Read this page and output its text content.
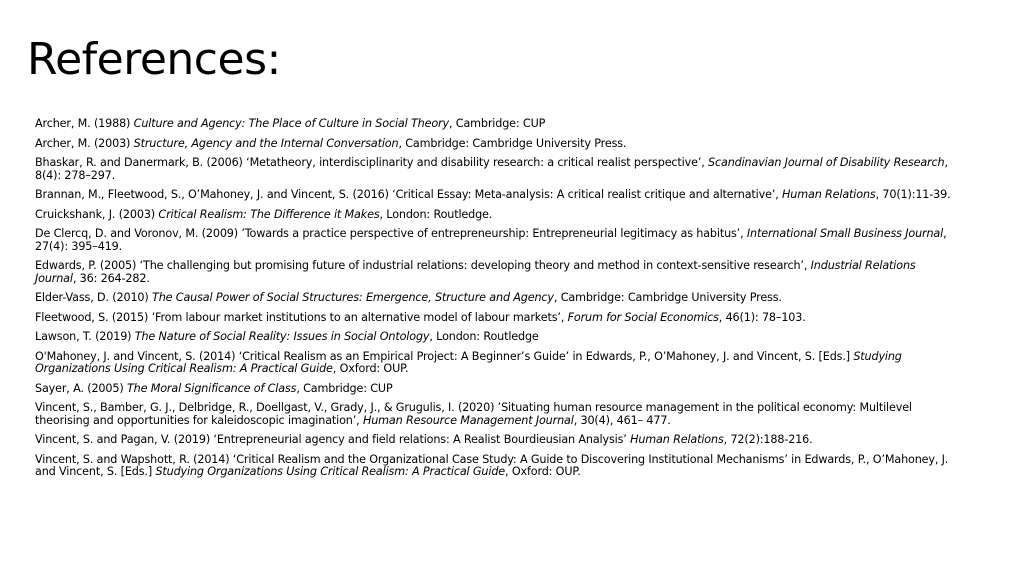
References:
Archer, M. (1988) Culture and Agency: The Place of Culture in Social Theory, Cambridge: CUP
Archer, M. (2003) Structure, Agency and the Internal Conversation, Cambridge: Cambridge University Press.
Bhaskar, R. and Danermark, B. (2006) ‘Metatheory, interdisciplinarity and disability research: a critical realist perspective’, Scandinavian Journal of Disability Research, 8(4): 278–297.
Brannan, M., Fleetwood, S., O’Mahoney, J. and Vincent, S. (2016) ‘Critical Essay: Meta-analysis: A critical realist critique and alternative’, Human Relations, 70(1):11-39.
Cruickshank, J. (2003) Critical Realism: The Difference it Makes, London: Routledge.
De Clercq, D. and Voronov, M. (2009) ’Towards a practice perspective of entrepreneurship: Entrepreneurial legitimacy as habitus’, International Small Business Journal, 27(4): 395–419.
Edwards, P. (2005) ‘The challenging but promising future of industrial relations: developing theory and method in context-sensitive research’, Industrial Relations Journal, 36: 264-282.
Elder-Vass, D. (2010) The Causal Power of Social Structures: Emergence, Structure and Agency, Cambridge: Cambridge University Press.
Fleetwood, S. (2015) ’From labour market institutions to an alternative model of labour markets’, Forum for Social Economics, 46(1): 78–103.
Lawson, T. (2019) The Nature of Social Reality: Issues in Social Ontology, London: Routledge
O'Mahoney, J. and Vincent, S. (2014) ‘Critical Realism as an Empirical Project: A Beginner’s Guide’ in Edwards, P., O’Mahoney, J. and Vincent, S. [Eds.] Studying Organizations Using Critical Realism: A Practical Guide, Oxford: OUP.
Sayer, A. (2005) The Moral Significance of Class, Cambridge: CUP
Vincent, S., Bamber, G. J., Delbridge, R., Doellgast, V., Grady, J., & Grugulis, I. (2020) ’Situating human resource management in the political economy: Multilevel theorising and opportunities for kaleidoscopic imagination’, Human Resource Management Journal, 30(4), 461– 477.
Vincent, S. and Pagan, V. (2019) ‘Entrepreneurial agency and field relations: A Realist Bourdieusian Analysis’ Human Relations, 72(2):188-216.
Vincent, S. and Wapshott, R. (2014) ‘Critical Realism and the Organizational Case Study: A Guide to Discovering Institutional Mechanisms’ in Edwards, P., O’Mahoney, J. and Vincent, S. [Eds.] Studying Organizations Using Critical Realism: A Practical Guide, Oxford: OUP.
